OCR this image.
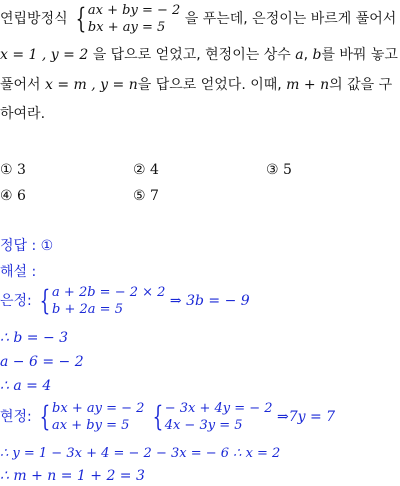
연립방정식 { ax + by = − 2
bx + ay = 5
을 푸는데, 은정이는 바르게 풀어서
x = 1 , y = 2 을 답으로 얻었고, 현정이는 상수 a, b를 바꿔 놓고
풀어서 x = m , y = n을 답으로 얻었다. 이때, m + n의 값을 구
하여라.
① 3	② 4	③ 5
④ 6	⑤ 7
정답 : ①
해설 :
은정: { a + 2b = − 2 × 2
b + 2a = 5
⇒ 3b = − 9
∴ b = − 3
a − 6 = − 2
∴ a = 4
현정: { bx + ay = − 2
ax + by = 5 { − 3x + 4y = − 2
4x − 3y = 5
⇒7y = 7
∴ y = 1 − 3x + 4 = − 2 − 3x = − 6 ∴ x = 2
∴ m + n = 1 + 2 = 3
